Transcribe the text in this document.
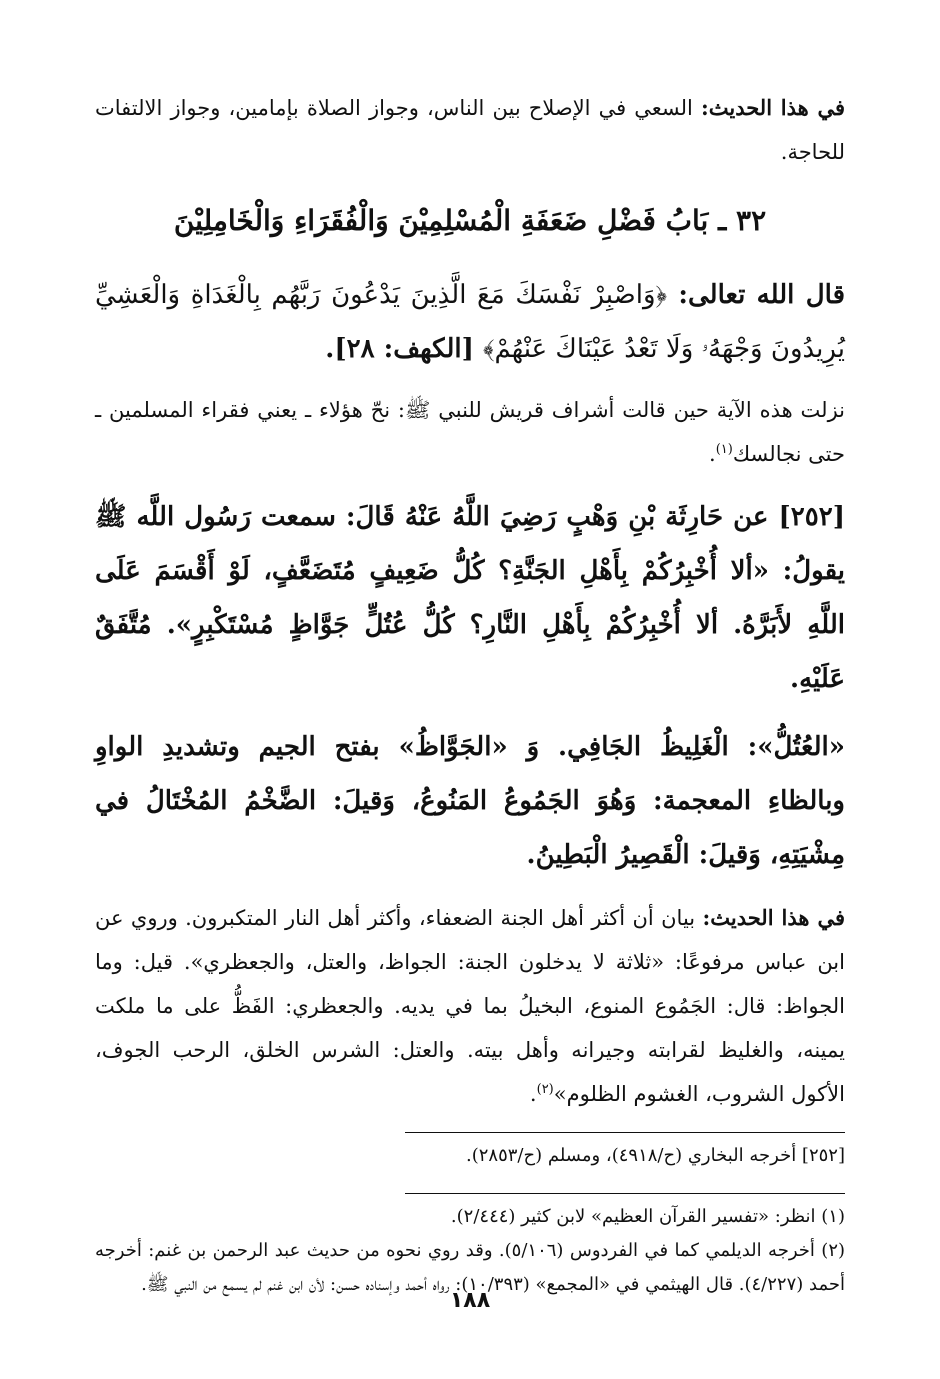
في هذا الحديث: السعي في الإصلاح بين الناس، وجواز الصلاة بإمامين، وجواز الالتفات للحاجة.

٣٢ ـ بَابُ فَضْلِ ضَعَفَةِ الْمُسْلِمِيْنَ وَالْفُقَرَاءِ وَالْخَامِلِيْنَ

قال الله تعالى: ﴿وَاصْبِرْ نَفْسَكَ مَعَ الَّذِينَ يَدْعُونَ رَبَّهُم بِالْغَدَاةِ وَالْعَشِيِّ يُرِيدُونَ وَجْهَهُۥ وَلَا تَعْدُ عَيْنَاكَ عَنْهُمْ﴾ [الكهف: ٢٨].

نزلت هذه الآية حين قالت أشراف قريش للنبي ﷺ: نحّ هؤلاء ـ يعني فقراء المسلمين ـ حتى نجالسك$^{(١)}$.

[٢٥٢] عن حَارِثَة بْنِ وَهْبٍ رَضِيَ اللَّهُ عَنْهُ قَالَ: سمعت رَسُول اللَّه ﷺ يقولُ: «ألا أُخْبِرُكُمْ بِأَهْلِ الجَنَّةِ؟ كُلُّ ضَعِيفٍ مُتَضَعَّفٍ، لَوْ أَقْسَمَ عَلَى اللَّهِ لأَبَرَّهُ. ألا أُخْبِرُكُمْ بِأَهْلِ النَّارِ؟ كُلُّ عُتُلٍّ جَوَّاظٍ مُسْتَكْبِرٍ». مُتَّفَقٌ عَلَيْهِ.

«العُتُلُّ»: الْغَلِيظُ الجَافِي. وَ «الجَوَّاظُ» بفتح الجيم وتشديدِ الواوِ وبالظاءِ المعجمة: وَهُوَ الجَمُوعُ المَنُوعُ، وَقيلَ: الضَّخْمُ المُخْتَالُ في مِشْيَتِهِ، وَقيلَ: الْقَصِيرُ الْبَطِينُ.

في هذا الحديث: بيان أن أكثر أهل الجنة الضعفاء، وأكثر أهل النار المتكبرون. وروي عن ابن عباس مرفوعًا: «ثلاثة لا يدخلون الجنة: الجواظ، والعتل، والجعظري». قيل: وما الجواظ: قال: الجَمُوع المنوع، البخيلُ بما في يديه. والجعظري: الفَظُّ على ما ملكت يمينه، والغليظ لقرابته وجيرانه وأهل بيته. والعتل: الشرس الخلق، الرحب الجوف، الأكول الشروب، الغشوم الظلوم»$^{(٢)}$.

[٢٥٢] أخرجه البخاري (ح/٤٩١٨)، ومسلم (ح/٢٨٥٣).

(١) انظر: «تفسير القرآن العظيم» لابن كثير (٢/٤٤٤).

(٢) أخرجه الديلمي كما في الفردوس (٥/١٠٦). وقد روي نحوه من حديث عبد الرحمن بن غنم: أخرجه أحمد (٤/٢٢٧). قال الهيثمي في «المجمع» (١٠/٣٩٣): رواه أحمد وإسناده حسن: لأن ابن غنم لم يسمع من النبي ﷺ.

١٨٨
